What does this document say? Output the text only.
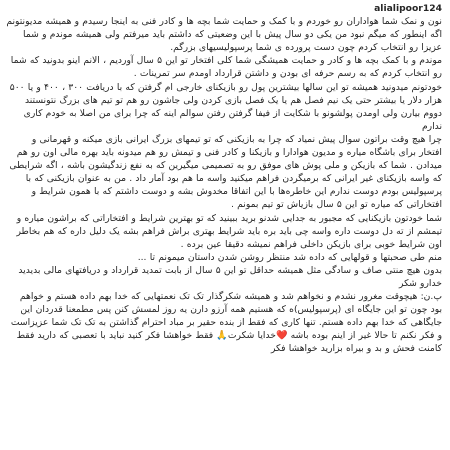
alialipoor124
نون و نمک شما هواداران رو خوردم و با کمک و حمایت شما بچه ها و کادر فنی به اینجا رسیدم و همیشه مدیونتونم اگه اینطور که میگم نبود من یکی دو سال پیش با این وضعیتی که داشتم باید میرفتم ولی همیشه موندم و شما عزیزا رو انتخاب کردم چون دست پرورده ی شما پرسپولیسیهای بزرگم.
موندم و با کمک بچه ها و کادر و حمایت همیشگی شما کلی افتخار تو این ۵ سال آوردیم ، الانم اینو بدونید که شما رو انتخاب کردم که به رسم حرفه ای بودن و داشتن قرارداد اومدم سر تمرینات .
خودتونم میدونید همیشه تو این سالها بیشترین پول رو بازیکنای خارجی ام گرفتن که با دریافت ۳۰۰ ، ۴۰۰ و یا ۵۰۰ هزار دلار یا بیشتر حتی یک نیم فصل هم یا یک فصل بازی کردن ولی جاشون رو هم تو تیم های بزرگ نتونستند دووم بیارن ولی اومدن پولشونو با شکایت از فیفا گرفتن رفتن سوالم اینه که چرا برای من اصلا به خودم کاری ندارم
چرا هیچ وقت براتون سوال پیش نمیاد که چرا به بازیکنی که تو تیمهای بزرگ ایرانی بازی میکنه و قهرمانی و افتخار برای باشگاه میاره و مدیون هوادارا و بازیکنا و کادر فنی و تیمش رو هم میدونه باید بهره مالی اون رو هم میدادن . شما که بازیکن و ملی پوش های موفق رو به تصمیمی میگیرین که به نفع زندگیشون باشه ، اگه شرایطی که واسه بازیکنای غیر ایرانی که برمیگردن فراهم میکنید واسه ما هم بود آمار داد . من به عنوان بازیکنی که با پرسپولیس بودم دوست ندارم این خاطره‌ها با این اتفاقا مخدوش بشه و دوست داشتم که با همون شرایط و افتخاراتی که میاره تو این ۵ سال بازیاش تو تیم بمونم .
شما خودتون بازیکنایی که مجبور به جدایی شدنو برید ببینید که تو بهترین شرایط و افتخاراتی که براشون میاره و تیمشم از ته دل دوست داره واسه چی باید بره باید شرایط بهتری براش فراهم بشه یک دلیل داره که هم بخاطر اون شرایط خوبی برای بازیکن داخلی فراهم نمیشه دقیقا عین برده .
منم طی صحبتها و قولهایی که داده شد منتظر روشن شدن داستان میمونم تا ...
بدون هیچ منتی صاف و سادگی مثل همیشه حداقل تو این ۵ سال از بابت تمدید قرارداد و دریافتهای مالی بدیدید خدارو شکر
پ.ن: هیچوقت مغرور نشدم و نخواهم شد و همیشه شکرگذار تک تک نعمتهایی که خدا بهم داده هستم و خواهم بود چون تو این جایگاه ای (پرسپولیس)ه که هستیم همه آرزو دارن یه روز لمسش کنن پس مطمعنا قدردان این جایگاهی که خدا بهم داده هستم. تنها کاری که فقط از بنده حقیر بر مباد احترام گذاشتن به تک تک شما عزیزاست و فکر نکنم تا حالا غیر از اینم بوده باشه ❤️خدایا شکرت🙏 فقط خواهشا فکر کنید نباید با تعصبی که دارید فقط کامنت فحش و بد و بیراه بزارید خواهشا فکر
